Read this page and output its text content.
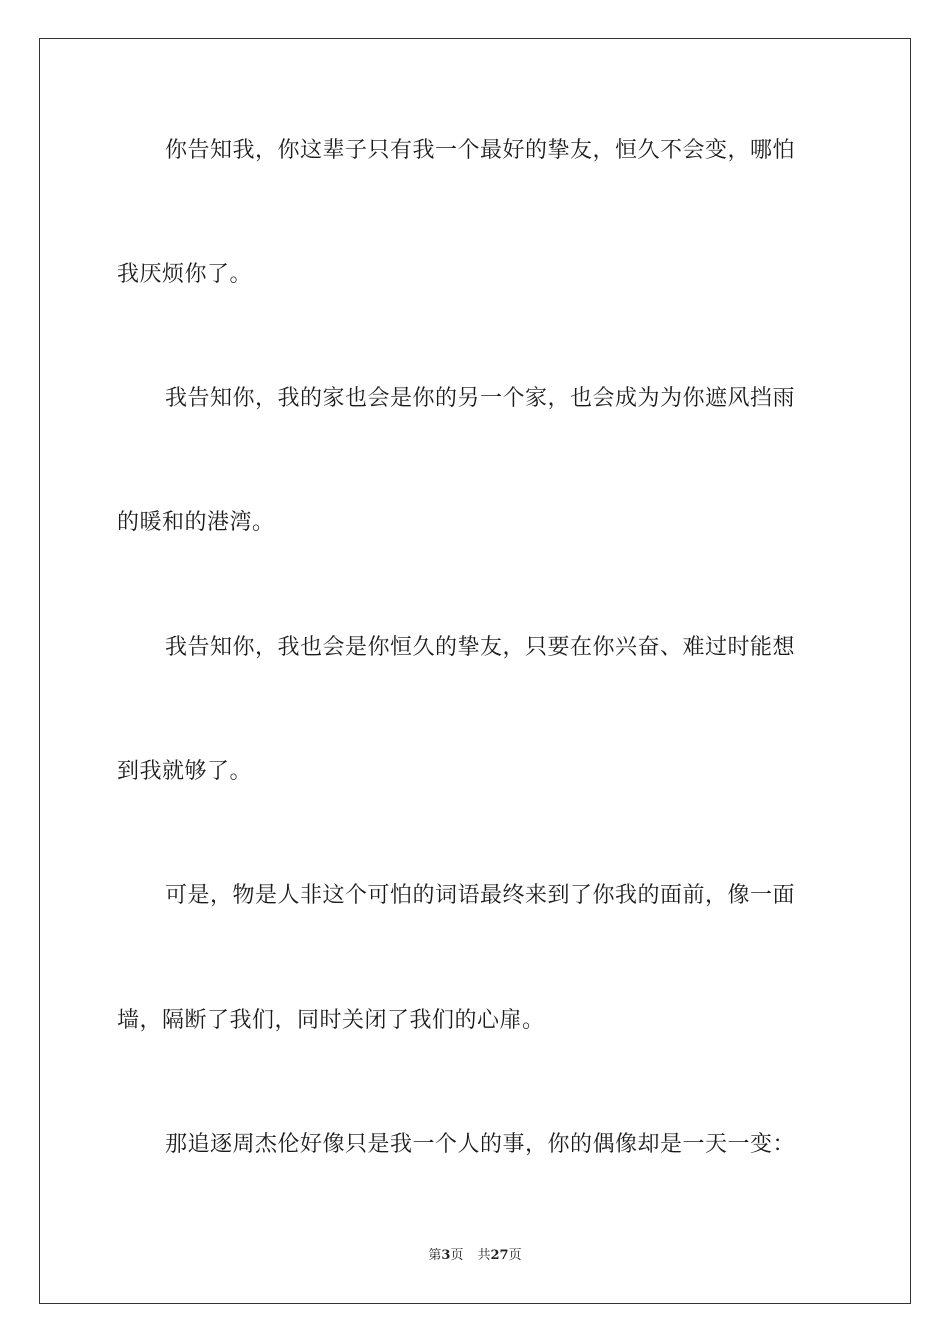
你告知我，你这辈子只有我一个最好的挚友，恒久不会变，哪怕
我厌烦你了。
我告知你，我的家也会是你的另一个家，也会成为为你遮风挡雨
的暖和的港湾。
我告知你，我也会是你恒久的挚友，只要在你兴奋、难过时能想
到我就够了。
可是，物是人非这个可怕的词语最终来到了你我的面前，像一面
墙，隔断了我们，同时关闭了我们的心扉。
那追逐周杰伦好像只是我一个人的事，你的偶像却是一天一变：
第3页 共27页
